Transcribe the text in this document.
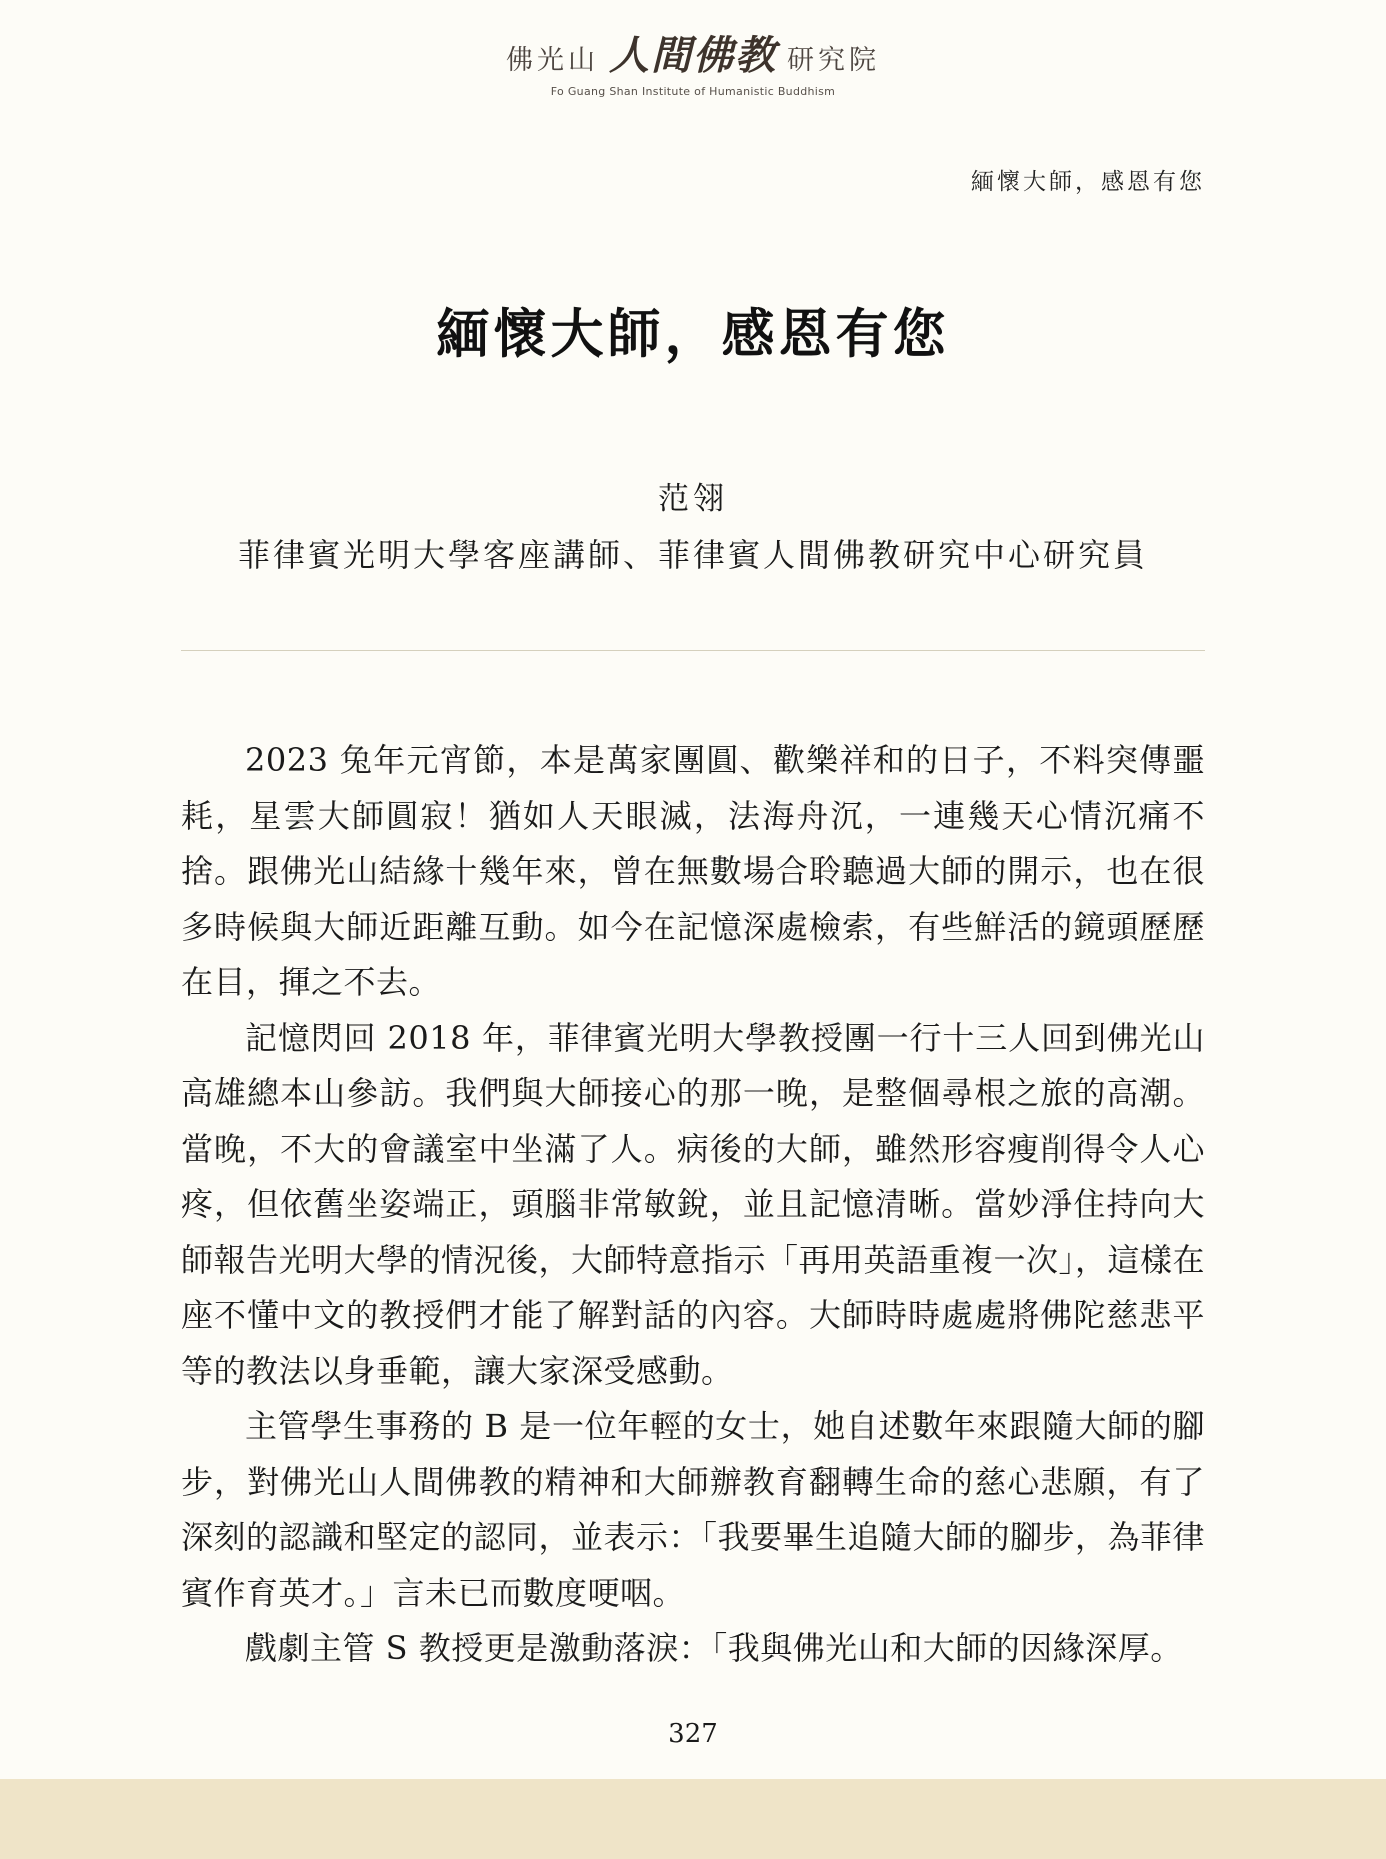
佛光山 人間佛教 研究院
Fo Guang Shan Institute of Humanistic Buddhism
緬懷大師，感恩有您
緬懷大師，感恩有您
范翎
菲律賓光明大學客座講師、菲律賓人間佛教研究中心研究員

2023 兔年元宵節，本是萬家團圓、歡樂祥和的日子，不料突傳噩耗，星雲大師圓寂！猶如人天眼滅，法海舟沉，一連幾天心情沉痛不捨。跟佛光山結緣十幾年來，曾在無數場合聆聽過大師的開示，也在很多時候與大師近距離互動。如今在記憶深處檢索，有些鮮活的鏡頭歷歷在目，揮之不去。

記憶閃回 2018 年，菲律賓光明大學教授團一行十三人回到佛光山高雄總本山參訪。我們與大師接心的那一晚，是整個尋根之旅的高潮。當晚，不大的會議室中坐滿了人。病後的大師，雖然形容瘦削得令人心疼，但依舊坐姿端正，頭腦非常敏銳，並且記憶清晰。當妙淨住持向大師報告光明大學的情況後，大師特意指示「再用英語重複一次」，這樣在座不懂中文的教授們才能了解對話的內容。大師時時處處將佛陀慈悲平等的教法以身垂範，讓大家深受感動。

主管學生事務的 B 是一位年輕的女士，她自述數年來跟隨大師的腳步，對佛光山人間佛教的精神和大師辦教育翻轉生命的慈心悲願，有了深刻的認識和堅定的認同，並表示：「我要畢生追隨大師的腳步，為菲律賓作育英才。」言未已而數度哽咽。

戲劇主管 S 教授更是激動落淚：「我與佛光山和大師的因緣深厚。

327
